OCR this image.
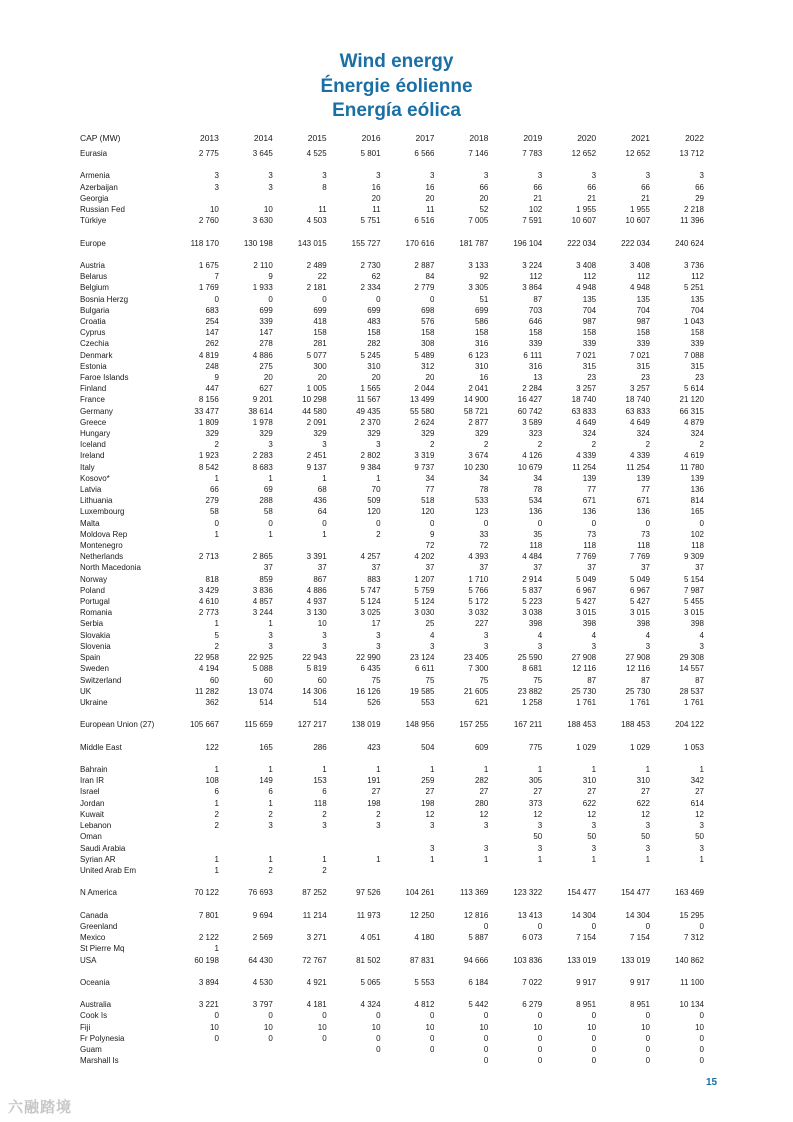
Wind energy
Énergie éolienne
Energía eólica
CAP (MW)	2013	2014	2015	2016	2017	2018	2019	2020	2021	2022
Eurasia	2 775	3 645	4 525	5 801	6 566	7 146	7 783	12 652	12 652	13 712

Armenia	3	3	3	3	3	3	3	3	3	3
Azerbaijan	3	3	8	16	16	66	66	66	66	66
Georgia				20	20	20	21	21	21	29
Russian Fed	10	10	11	11	11	52	102	1 955	1 955	2 218
Türkiye	2 760	3 630	4 503	5 751	6 516	7 005	7 591	10 607	10 607	11 396

Europe	118 170	130 198	143 015	155 727	170 616	181 787	196 104	222 034	222 034	240 624

Austria	1 675	2 110	2 489	2 730	2 887	3 133	3 224	3 408	3 408	3 736
Belarus	7	9	22	62	84	92	112	112	112	112
Belgium	1 769	1 933	2 181	2 334	2 779	3 305	3 864	4 948	4 948	5 251
Bosnia Herzg	0	0	0	0	0	51	87	135	135	135
Bulgaria	683	699	699	699	698	699	703	704	704	704
Croatia	254	339	418	483	576	586	646	987	987	1 043
Cyprus	147	147	158	158	158	158	158	158	158	158
Czechia	262	278	281	282	308	316	339	339	339	339
Denmark	4 819	4 886	5 077	5 245	5 489	6 123	6 111	7 021	7 021	7 088
Estonia	248	275	300	310	312	310	316	315	315	315
Faroe Islands	9	20	20	20	20	16	13	23	23	23
Finland	447	627	1 005	1 565	2 044	2 041	2 284	3 257	3 257	5 614
France	8 156	9 201	10 298	11 567	13 499	14 900	16 427	18 740	18 740	21 120
Germany	33 477	38 614	44 580	49 435	55 580	58 721	60 742	63 833	63 833	66 315
Greece	1 809	1 978	2 091	2 370	2 624	2 877	3 589	4 649	4 649	4 879
Hungary	329	329	329	329	329	329	323	324	324	324
Iceland	2	3	3	3	2	2	2	2	2	2
Ireland	1 923	2 283	2 451	2 802	3 319	3 674	4 126	4 339	4 339	4 619
Italy	8 542	8 683	9 137	9 384	9 737	10 230	10 679	11 254	11 254	11 780
Kosovo*	1	1	1	1	34	34	34	139	139	139
Latvia	66	69	68	70	77	78	78	77	77	136
Lithuania	279	288	436	509	518	533	534	671	671	814
Luxembourg	58	58	64	120	120	123	136	136	136	165
Malta	0	0	0	0	0	0	0	0	0	0
Moldova Rep	1	1	1	2	9	33	35	73	73	102
Montenegro					72	72	118	118	118	118
Netherlands	2 713	2 865	3 391	4 257	4 202	4 393	4 484	7 769	7 769	9 309
North Macedonia		37	37	37	37	37	37	37	37	37
Norway	818	859	867	883	1 207	1 710	2 914	5 049	5 049	5 154
Poland	3 429	3 836	4 886	5 747	5 759	5 766	5 837	6 967	6 967	7 987
Portugal	4 610	4 857	4 937	5 124	5 124	5 172	5 223	5 427	5 427	5 455
Romania	2 773	3 244	3 130	3 025	3 030	3 032	3 038	3 015	3 015	3 015
Serbia	1	1	10	17	25	227	398	398	398	398
Slovakia	5	3	3	3	4	3	4	4	4	4
Slovenia	2	3	3	3	3	3	3	3	3	3
Spain	22 958	22 925	22 943	22 990	23 124	23 405	25 590	27 908	27 908	29 308
Sweden	4 194	5 088	5 819	6 435	6 611	7 300	8 681	12 116	12 116	14 557
Switzerland	60	60	60	75	75	75	75	87	87	87
UK	11 282	13 074	14 306	16 126	19 585	21 605	23 882	25 730	25 730	28 537
Ukraine	362	514	514	526	553	621	1 258	1 761	1 761	1 761

European Union (27)	105 667	115 659	127 217	138 019	148 956	157 255	167 211	188 453	188 453	204 122

Middle East	122	165	286	423	504	609	775	1 029	1 029	1 053

Bahrain	1	1	1	1	1	1	1	1	1	1
Iran IR	108	149	153	191	259	282	305	310	310	342
Israel	6	6	6	27	27	27	27	27	27	27
Jordan	1	1	118	198	198	280	373	622	622	614
Kuwait	2	2	2	2	12	12	12	12	12	12
Lebanon	2	3	3	3	3	3	3	3	3	3
Oman							50	50	50	50
Saudi Arabia					3	3	3	3	3	3
Syrian AR	1	1	1	1	1	1	1	1	1	1
United Arab Em	1	2	2							

N America	70 122	76 693	87 252	97 526	104 261	113 369	123 322	154 477	154 477	163 469

Canada	7 801	9 694	11 214	11 973	12 250	12 816	13 413	14 304	14 304	15 295
Greenland						0	0	0	0	0
Mexico	2 122	2 569	3 271	4 051	4 180	5 887	6 073	7 154	7 154	7 312
St Pierre Mq	1									
USA	60 198	64 430	72 767	81 502	87 831	94 666	103 836	133 019	133 019	140 862

Oceania	3 894	4 530	4 921	5 065	5 553	6 184	7 022	9 917	9 917	11 100

Australia	3 221	3 797	4 181	4 324	4 812	5 442	6 279	8 951	8 951	10 134
Cook Is	0	0	0	0	0	0	0	0	0	0
Fiji	10	10	10	10	10	10	10	10	10	10
Fr Polynesia	0	0	0	0	0	0	0	0	0	0
Guam				0	0	0	0	0	0	0
Marshall Is						0	0	0	0	0
15
六融踏境
